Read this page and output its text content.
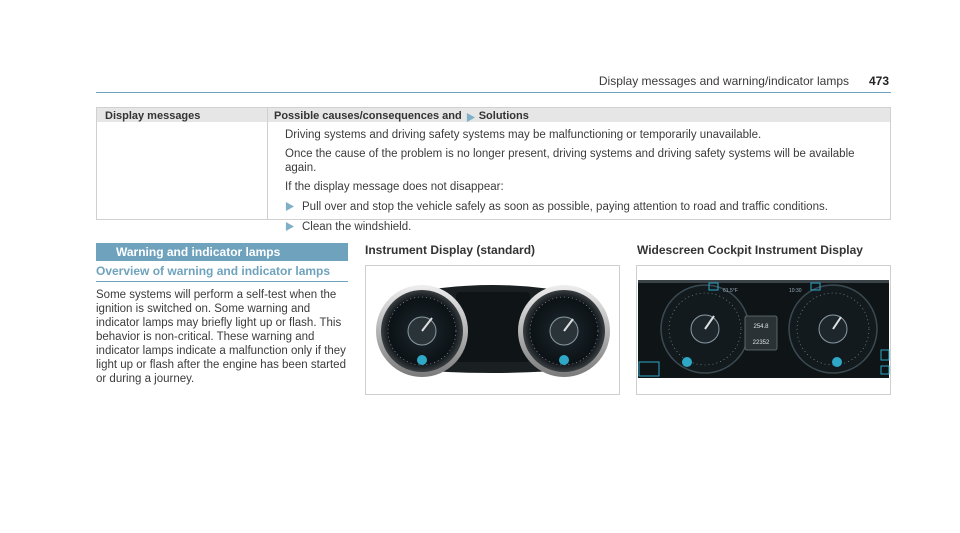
Display messages and warning/indicator lamps 473
Display messages	Possible causes/consequences and Solutions

Driving systems and driving safety systems may be malfunctioning or temporarily unavailable.

Once the cause of the problem is no longer present, driving systems and driving safety systems will be available again.

If the display message does not disappear:

Pull over and stop the vehicle safely as soon as possible, paying attention to road and traffic conditions.
Clean the windshield.
Warning and indicator lamps
Overview of warning and indicator lamps
Some systems will perform a self-test when the ignition is switched on. Some warning and indicator lamps may briefly light up or flash. This behavior is non-critical. These warning and indicator lamps indicate a malfunction only if they light up or flash after the engine has been started or during a journey.
Instrument Display (standard)	Widescreen Cockpit Instrument Display
254.8
22352
61.5°F	10:30
